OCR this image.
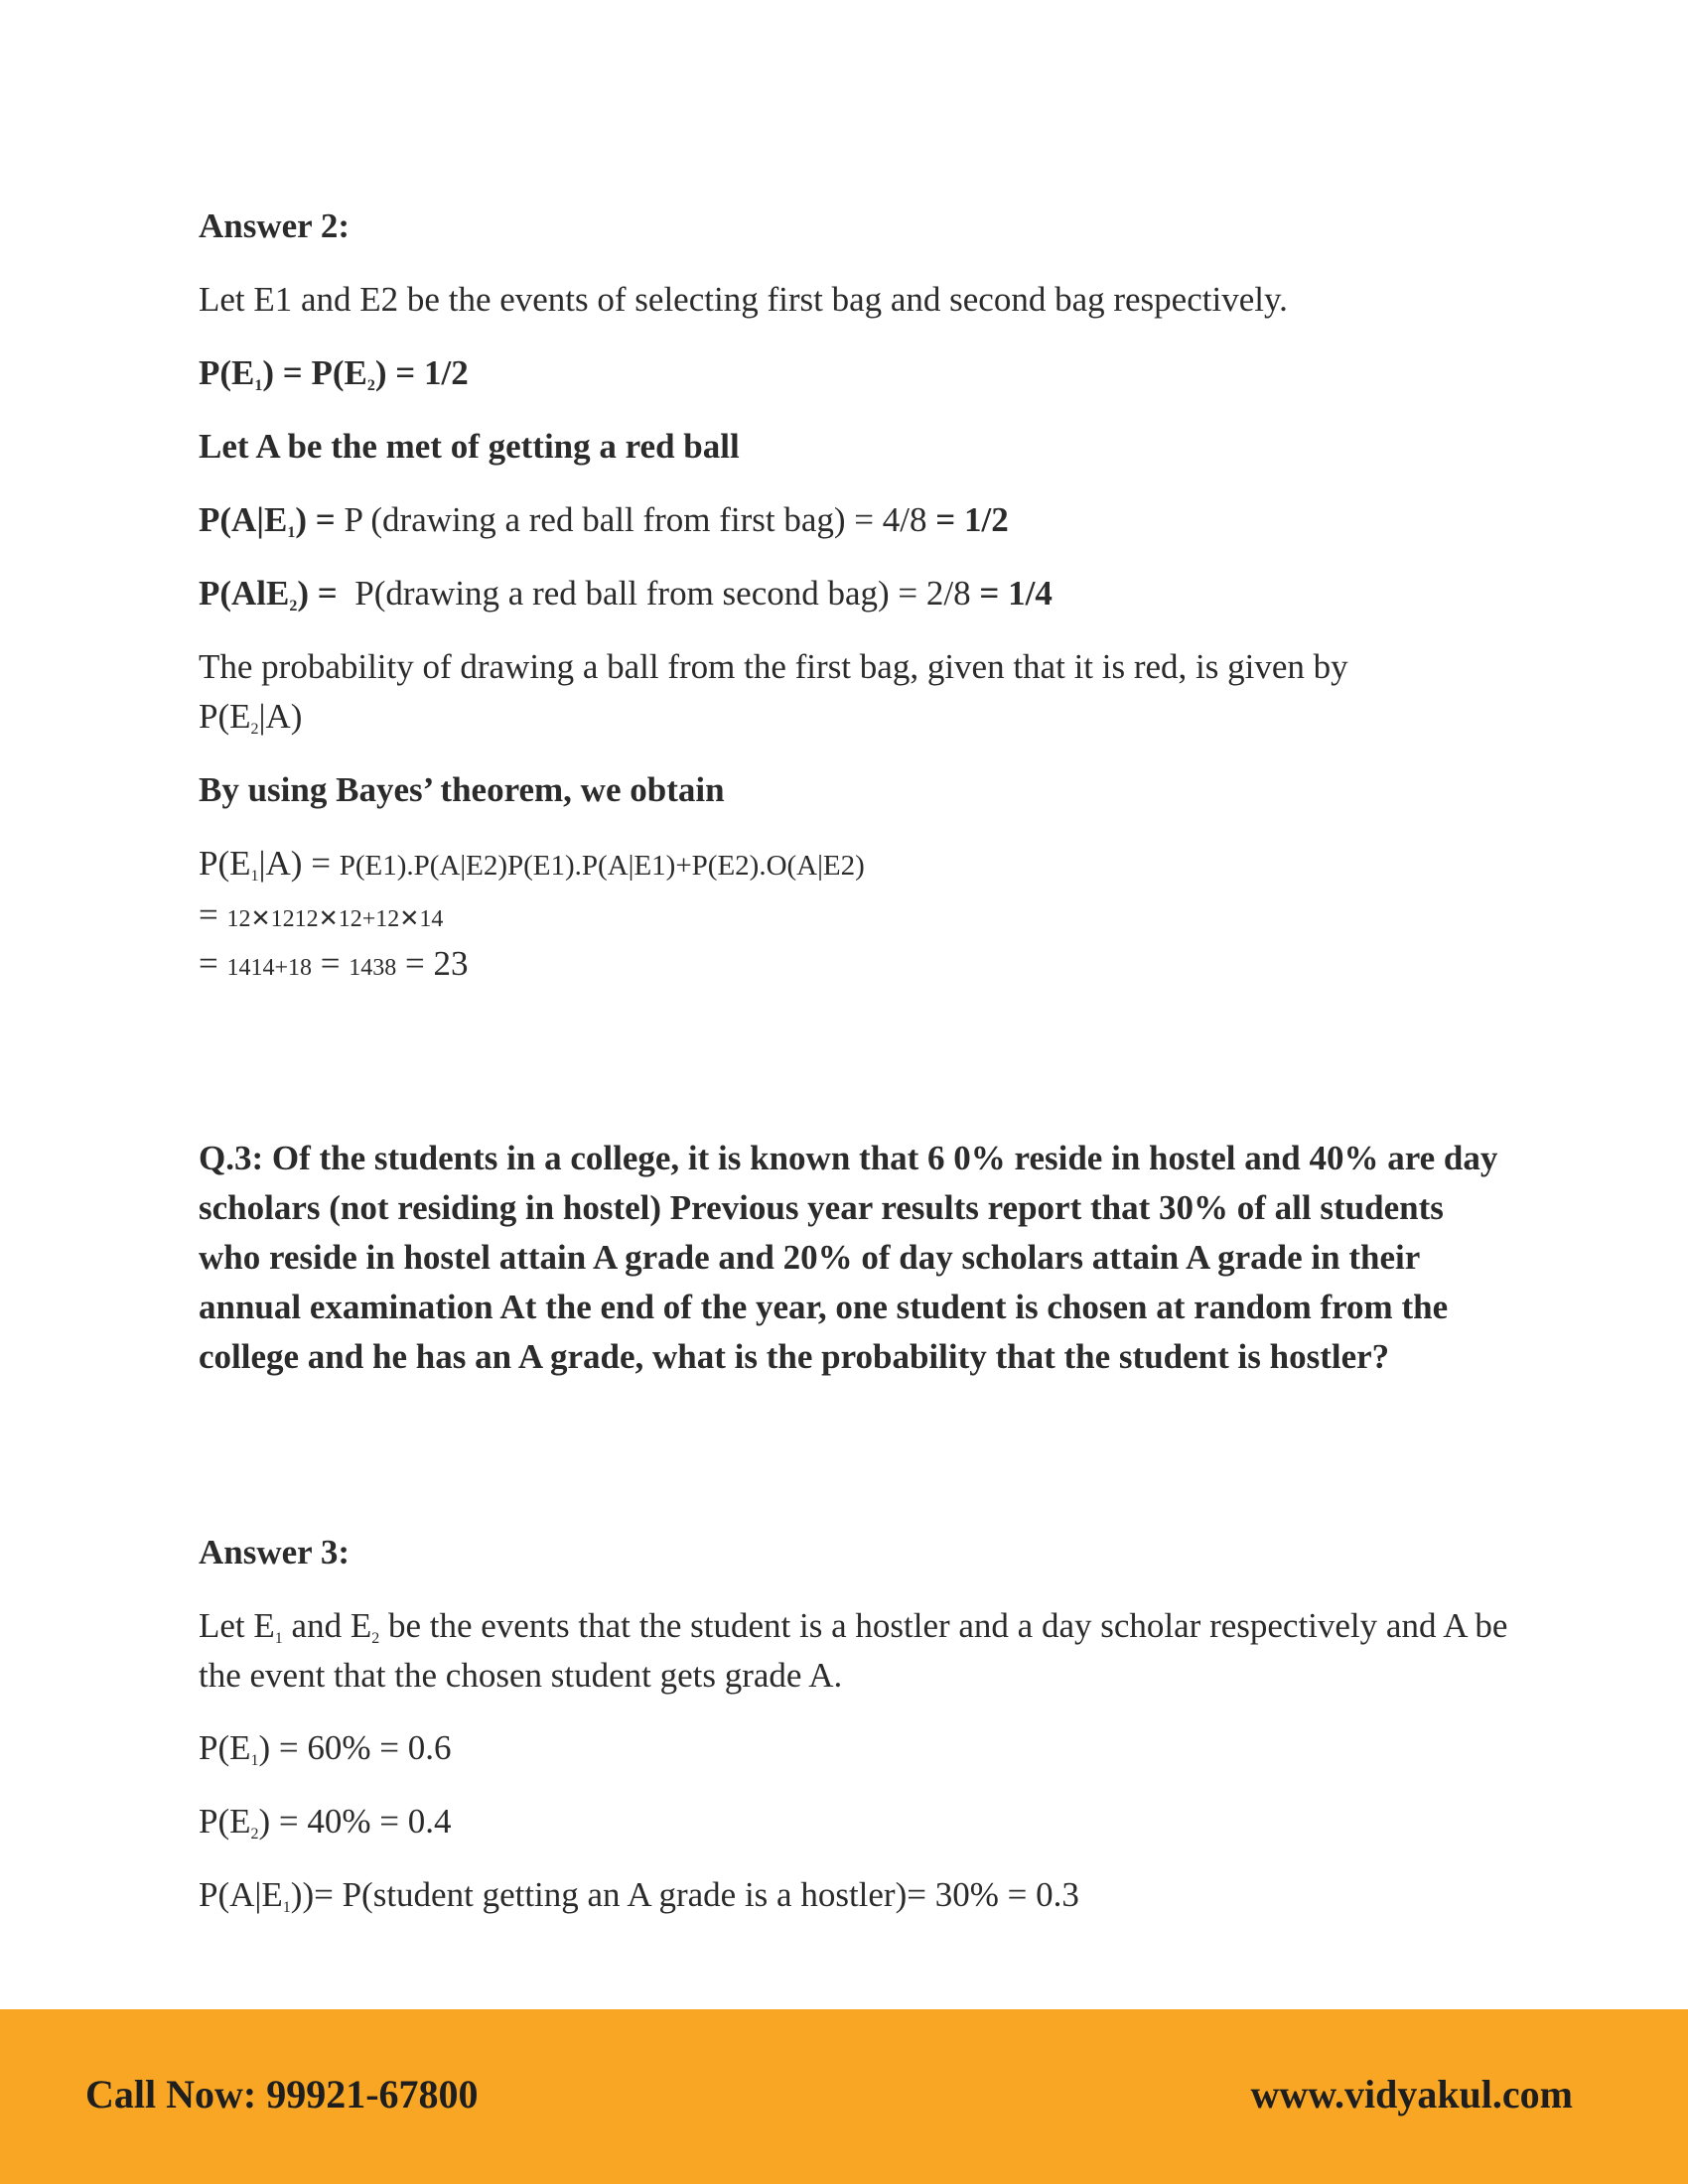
Answer 2:
Let E1 and E2 be the events of selecting first bag and second bag respectively.
$P(E_1) = P(E_2) = 1/2$
Let A be the met of getting a red ball
$P(A|E_1) = P$ (drawing a red ball from first bag) = 4/8 = 1/2
P(AlE$_2$) =  P(drawing a red ball from second bag) = 2/8 = 1/4
The probability of drawing a ball from the first bag, given that it is red, is given by
$P(E_2|A)$
By using Bayes’ theorem, we obtain
$P(E_1|A) = P(E1).P(A|E2)P(E1).P(A|E1)+P(E2).O(A|E2)$
= 12✕1212✕12+12✕14
= 1414+18 = 1438 = 23
Q.3: Of the students in a college, it is known that 6 0% reside in hostel and 40% are day scholars (not residing in hostel) Previous year results report that 30% of all students who reside in hostel attain A grade and 20% of day scholars attain A grade in their annual examination At the end of the year, one student is chosen at random from the college and he has an A grade, what is the probability that the student is hostler?
Answer 3:
Let $E_1$ and $E_2$ be the events that the student is a hostler and a day scholar respectively and A be the event that the chosen student gets grade A.
$P(E_1) = 60\% = 0.6$
$P(E_2) = 40\% = 0.4$
$P(A|E_1))=$ P(student getting an A grade is a hostler)= 30% = 0.3
Call Now: 99921-67800	www.vidyakul.com
